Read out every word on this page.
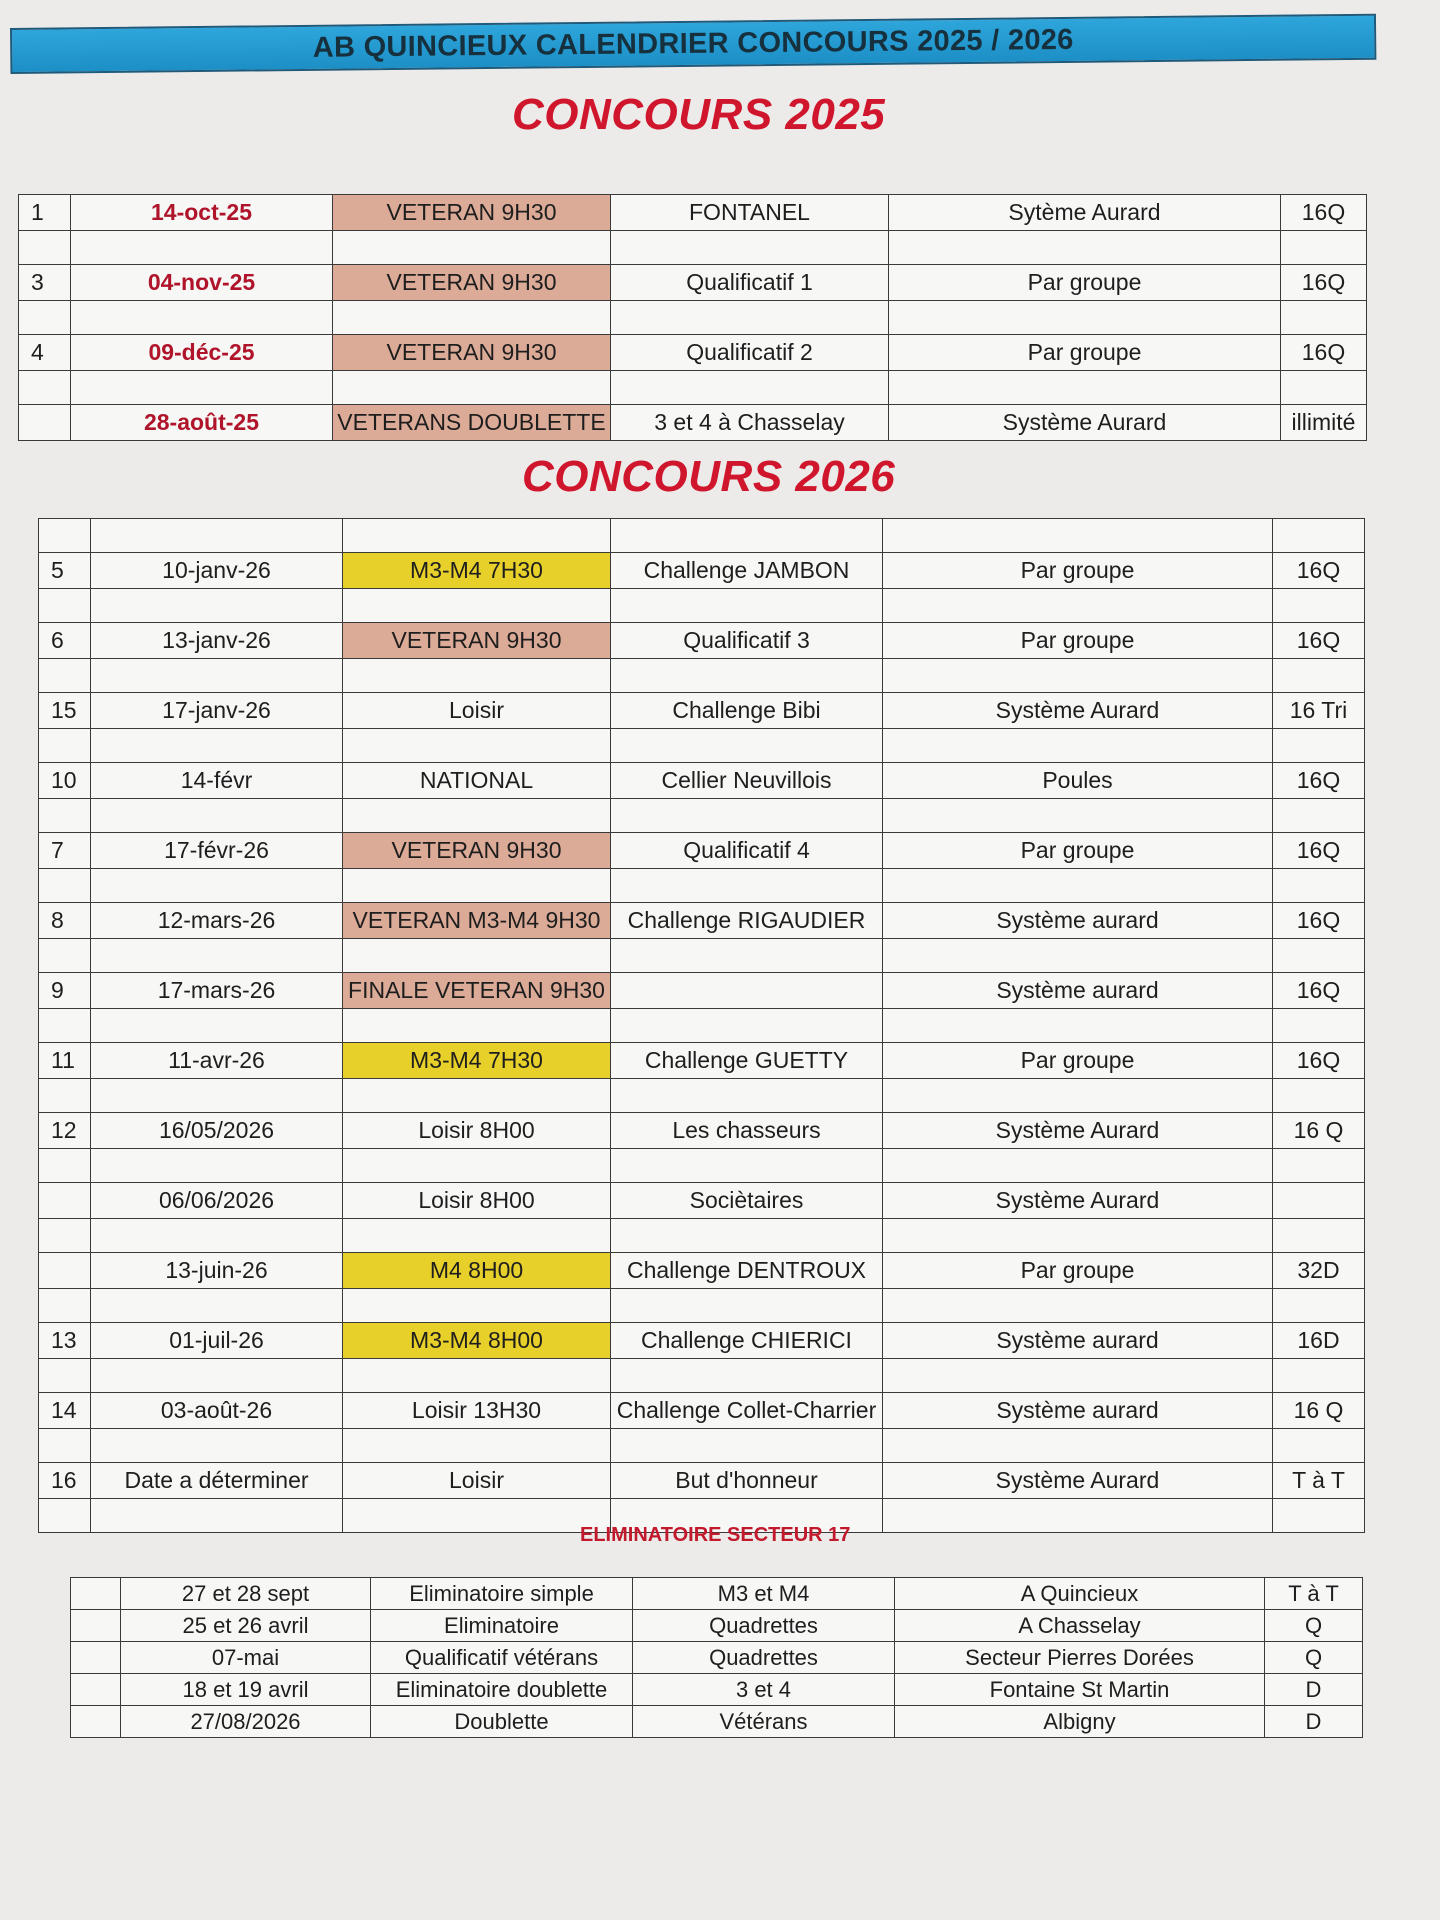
AB QUINCIEUX CALENDRIER CONCOURS 2025 / 2026
CONCOURS 2025
1	14-oct-25	VETERAN 9H30	FONTANEL	Sytème Aurard	16Q

3	04-nov-25	VETERAN 9H30	Qualificatif 1	Par groupe	16Q

4	09-déc-25	VETERAN 9H30	Qualificatif 2	Par groupe	16Q

	28-août-25	VETERANS DOUBLETTE	3 et 4 à Chasselay	Système Aurard	illimité
CONCOURS 2026

5	10-janv-26	M3-M4 7H30	Challenge JAMBON	Par groupe	16Q

6	13-janv-26	VETERAN 9H30	Qualificatif 3	Par groupe	16Q

15	17-janv-26	Loisir	Challenge Bibi	Système Aurard	16 Tri

10	14-févr	NATIONAL	Cellier Neuvillois	Poules	16Q

7	17-févr-26	VETERAN 9H30	Qualificatif 4	Par groupe	16Q

8	12-mars-26	VETERAN M3-M4 9H30	Challenge RIGAUDIER	Système aurard	16Q

9	17-mars-26	FINALE VETERAN 9H30		Système aurard	16Q

11	11-avr-26	M3-M4 7H30	Challenge GUETTY	Par groupe	16Q

12	16/05/2026	Loisir 8H00	Les chasseurs	Système Aurard	16 Q

	06/06/2026	Loisir 8H00	Sociètaires	Système Aurard	

	13-juin-26	M4 8H00	Challenge DENTROUX	Par groupe	32D

13	01-juil-26	M3-M4 8H00	Challenge CHIERICI	Système aurard	16D

14	03-août-26	Loisir 13H30	Challenge Collet-Charrier	Système aurard	16 Q

16	Date a déterminer	Loisir	But d'honneur	Système Aurard	T à T

ELIMINATOIRE SECTEUR 17
	27 et 28 sept	Eliminatoire simple	M3 et M4	A Quincieux	T à T
	25 et 26 avril	Eliminatoire	Quadrettes	A Chasselay	Q
	07-mai	Qualificatif vétérans	Quadrettes	Secteur Pierres Dorées	Q
	18 et 19 avril	Eliminatoire doublette	3 et 4	Fontaine St Martin	D
	27/08/2026	Doublette	Vétérans	Albigny	D
